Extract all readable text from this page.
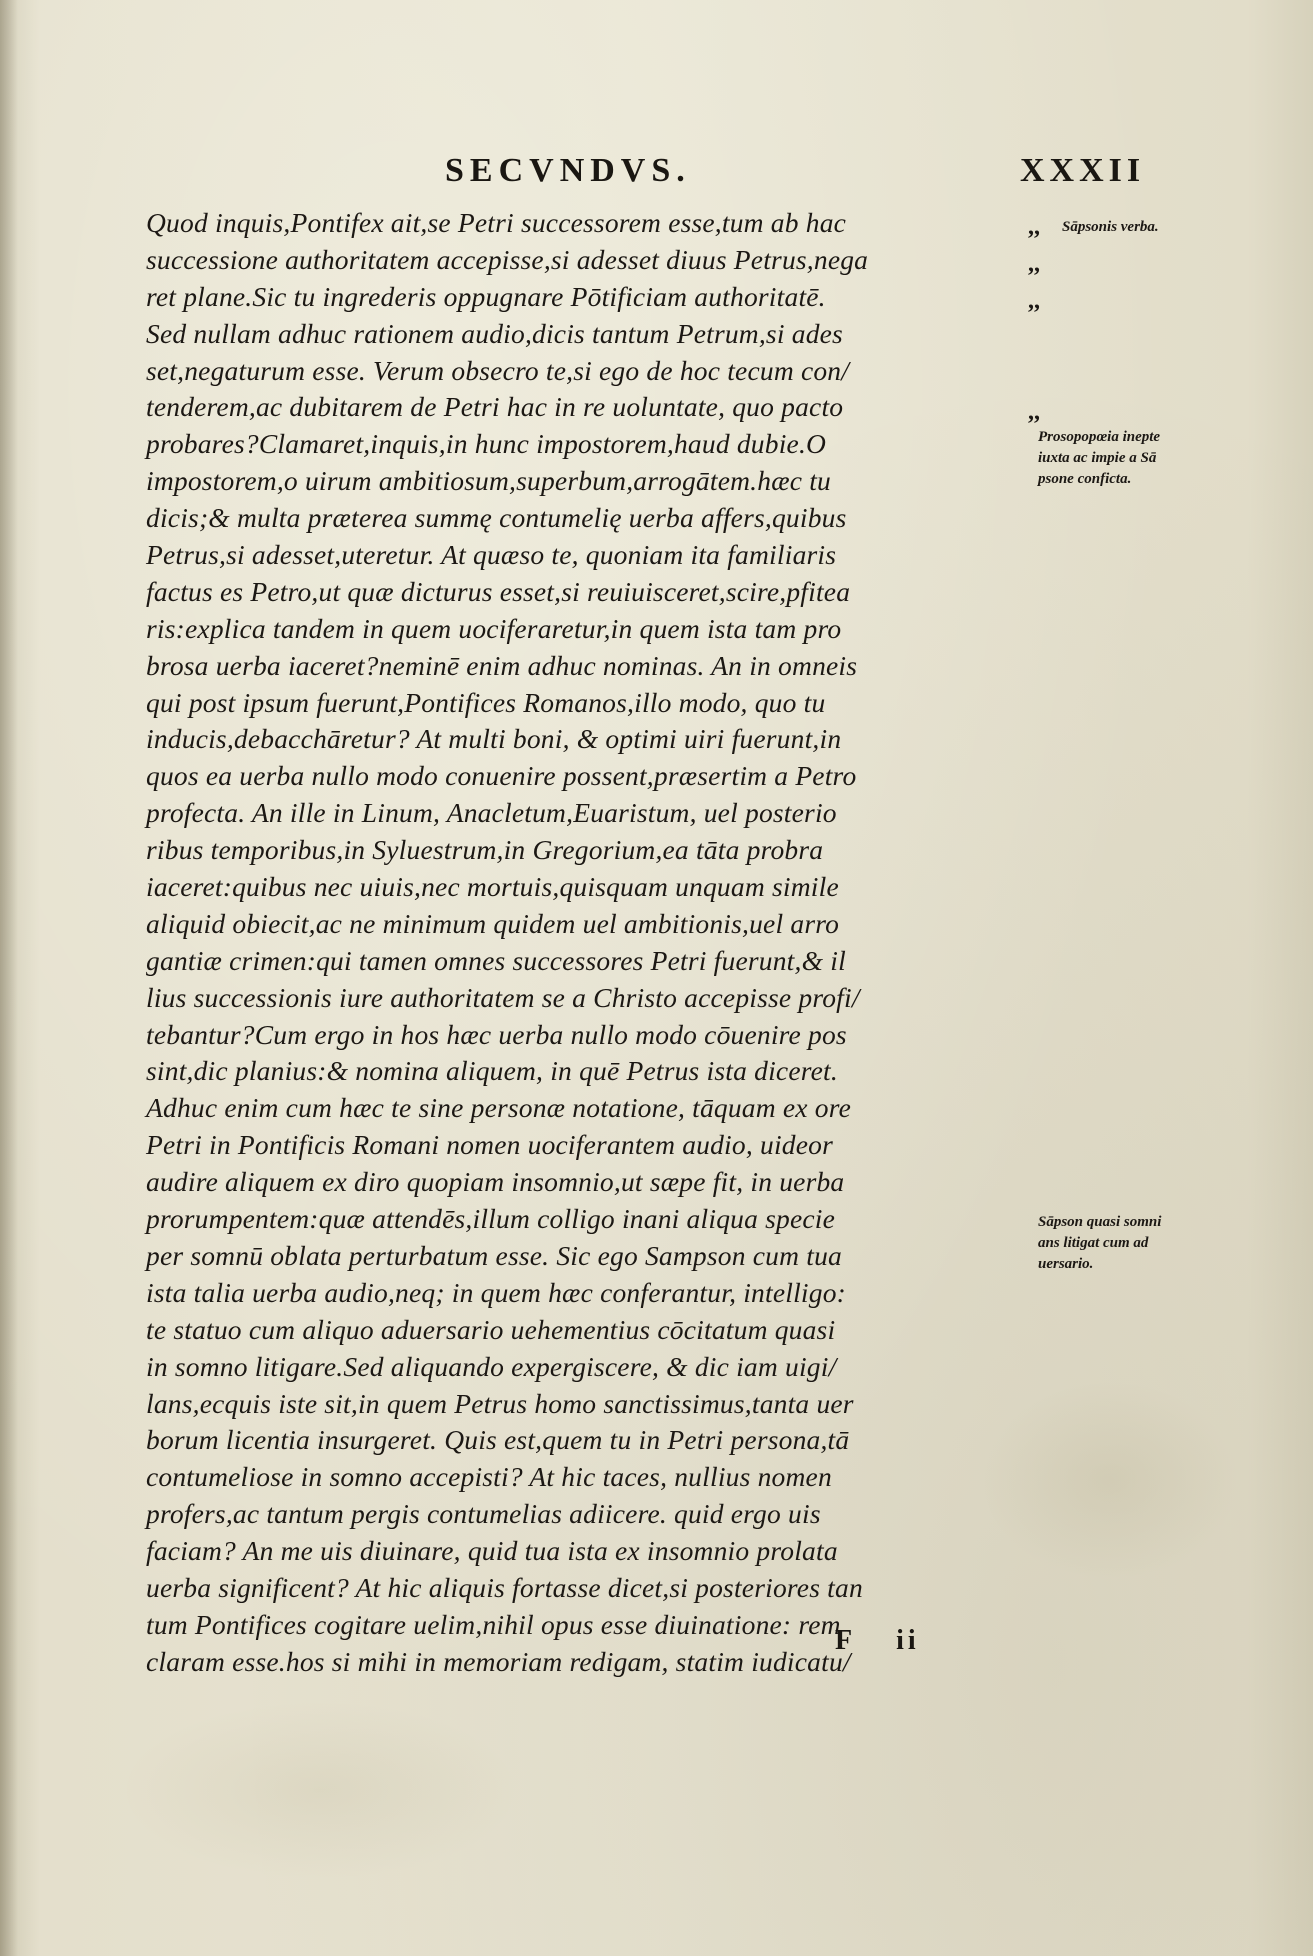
SECVNDVS.	XXXII
Quod inquis,Pontifex ait,se Petri successorem esse,tum ab hac
successione authoritatem accepisse,si adesset diuus Petrus,nega
ret plane.Sic tu ingrederis oppugnare Pōtificiam authoritatē.
Sed nullam adhuc rationem audio,dicis tantum Petrum,si ades
set,negaturum esse. Verum obsecro te,si ego de hoc tecum con/
tenderem,ac dubitarem de Petri hac in re uoluntate, quo pacto
probares?Clamaret,inquis,in hunc impostorem,haud dubie.O
impostorem,o uirum ambitiosum,superbum,arrogātem.hæc tu
dicis;& multa præterea summę contumelię uerba affers,quibus
Petrus,si adesset,uteretur. At quæso te, quoniam ita familiaris
factus es Petro,ut quæ dicturus esset,si reuiuisceret,scire,pfitea
ris:explica tandem in quem uociferaretur,in quem ista tam pro
brosa uerba iaceret?neminē enim adhuc nominas. An in omneis
qui post ipsum fuerunt,Pontifices Romanos,illo modo, quo tu
inducis,debacchāretur? At multi boni, & optimi uiri fuerunt,in
quos ea uerba nullo modo conuenire possent,præsertim a Petro
profecta. An ille in Linum, Anacletum,Euaristum, uel posterio
ribus temporibus,in Syluestrum,in Gregorium,ea tāta probra
iaceret:quibus nec uiuis,nec mortuis,quisquam unquam simile
aliquid obiecit,ac ne minimum quidem uel ambitionis,uel arro
gantiæ crimen:qui tamen omnes successores Petri fuerunt,& il
lius successionis iure authoritatem se a Christo accepisse profi/
tebantur?Cum ergo in hos hæc uerba nullo modo cōuenire pos
sint,dic planius:& nomina aliquem, in quē Petrus ista diceret.
Adhuc enim cum hæc te sine personæ notatione, tāquam ex ore
Petri in Pontificis Romani nomen uociferantem audio, uideor
audire aliquem ex diro quopiam insomnio,ut sæpe fit, in uerba
prorumpentem:quæ attendēs,illum colligo inani aliqua specie
per somnū oblata perturbatum esse. Sic ego Sampson cum tua
ista talia uerba audio,neq; in quem hæc conferantur, intelligo:
te statuo cum aliquo aduersario uehementius cōcitatum quasi
in somno litigare.Sed aliquando expergiscere, & dic iam uigi/
lans,ecquis iste sit,in quem Petrus homo sanctissimus,tanta uer
borum licentia insurgeret. Quis est,quem tu in Petri persona,tā
contumeliose in somno accepisti? At hic taces, nullius nomen
profers,ac tantum pergis contumelias adiicere. quid ergo uis
faciam? An me uis diuinare, quid tua ista ex insomnio prolata
uerba significent? At hic aliquis fortasse dicet,si posteriores tan
tum Pontifices cogitare uelim,nihil opus esse diuinatione: rem
claram esse.hos si mihi in memoriam redigam, statim iudicatu/
,,
,,
,,
,,
Sāpsonis verba.
Prosopopœia inepte
iuxta ac impie a Sā
psone conficta.
Sāpson quasi somni
ans litigat cum ad
uersario.
F ii
